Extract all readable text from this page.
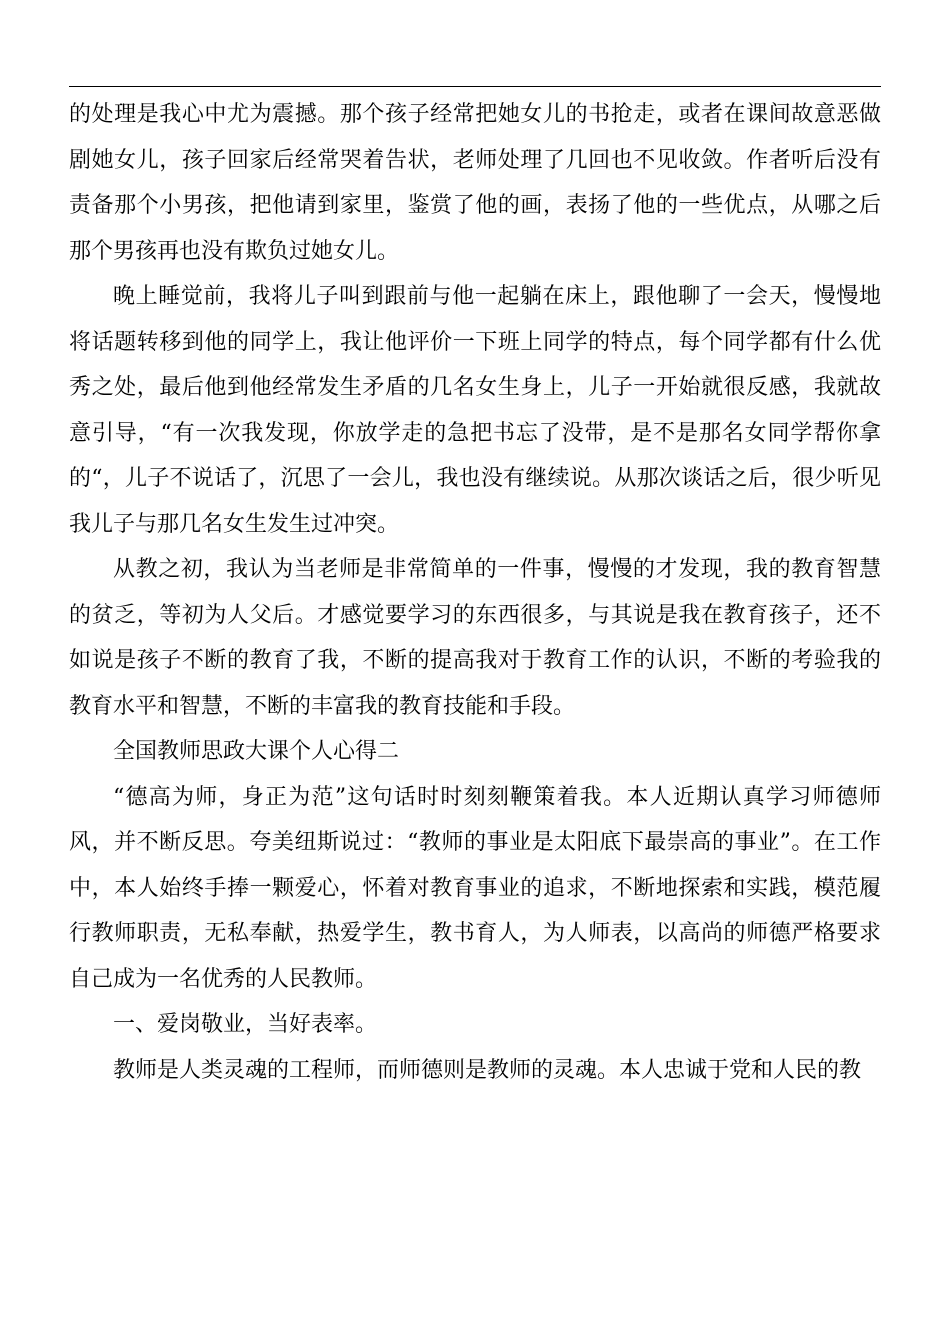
的处理是我心中尤为震撼。那个孩子经常把她女儿的书抢走，或者在课间故意恶做剧她女儿，孩子回家后经常哭着告状，老师处理了几回也不见收敛。作者听后没有责备那个小男孩，把他请到家里，鉴赏了他的画，表扬了他的一些优点，从哪之后那个男孩再也没有欺负过她女儿。

晚上睡觉前，我将儿子叫到跟前与他一起躺在床上，跟他聊了一会天，慢慢地将话题转移到他的同学上，我让他评价一下班上同学的特点，每个同学都有什么优秀之处，最后他到他经常发生矛盾的几名女生身上，儿子一开始就很反感，我就故意引导，“有一次我发现，你放学走的急把书忘了没带，是不是那名女同学帮你拿的“，儿子不说话了，沉思了一会儿，我也没有继续说。从那次谈话之后，很少听见我儿子与那几名女生发生过冲突。

从教之初，我认为当老师是非常简单的一件事，慢慢的才发现，我的教育智慧的贫乏，等初为人父后。才感觉要学习的东西很多，与其说是我在教育孩子，还不如说是孩子不断的教育了我，不断的提高我对于教育工作的认识，不断的考验我的教育水平和智慧，不断的丰富我的教育技能和手段。

全国教师思政大课个人心得二

“德高为师，身正为范”这句话时时刻刻鞭策着我。本人近期认真学习师德师风，并不断反思。夸美纽斯说过：“教师的事业是太阳底下最崇高的事业”。在工作中，本人始终手捧一颗爱心，怀着对教育事业的追求，不断地探索和实践，模范履行教师职责，无私奉献，热爱学生，教书育人，为人师表，以高尚的师德严格要求自己成为一名优秀的人民教师。

一、爱岗敬业，当好表率。

教师是人类灵魂的工程师，而师德则是教师的灵魂。本人忠诚于党和人民的教
